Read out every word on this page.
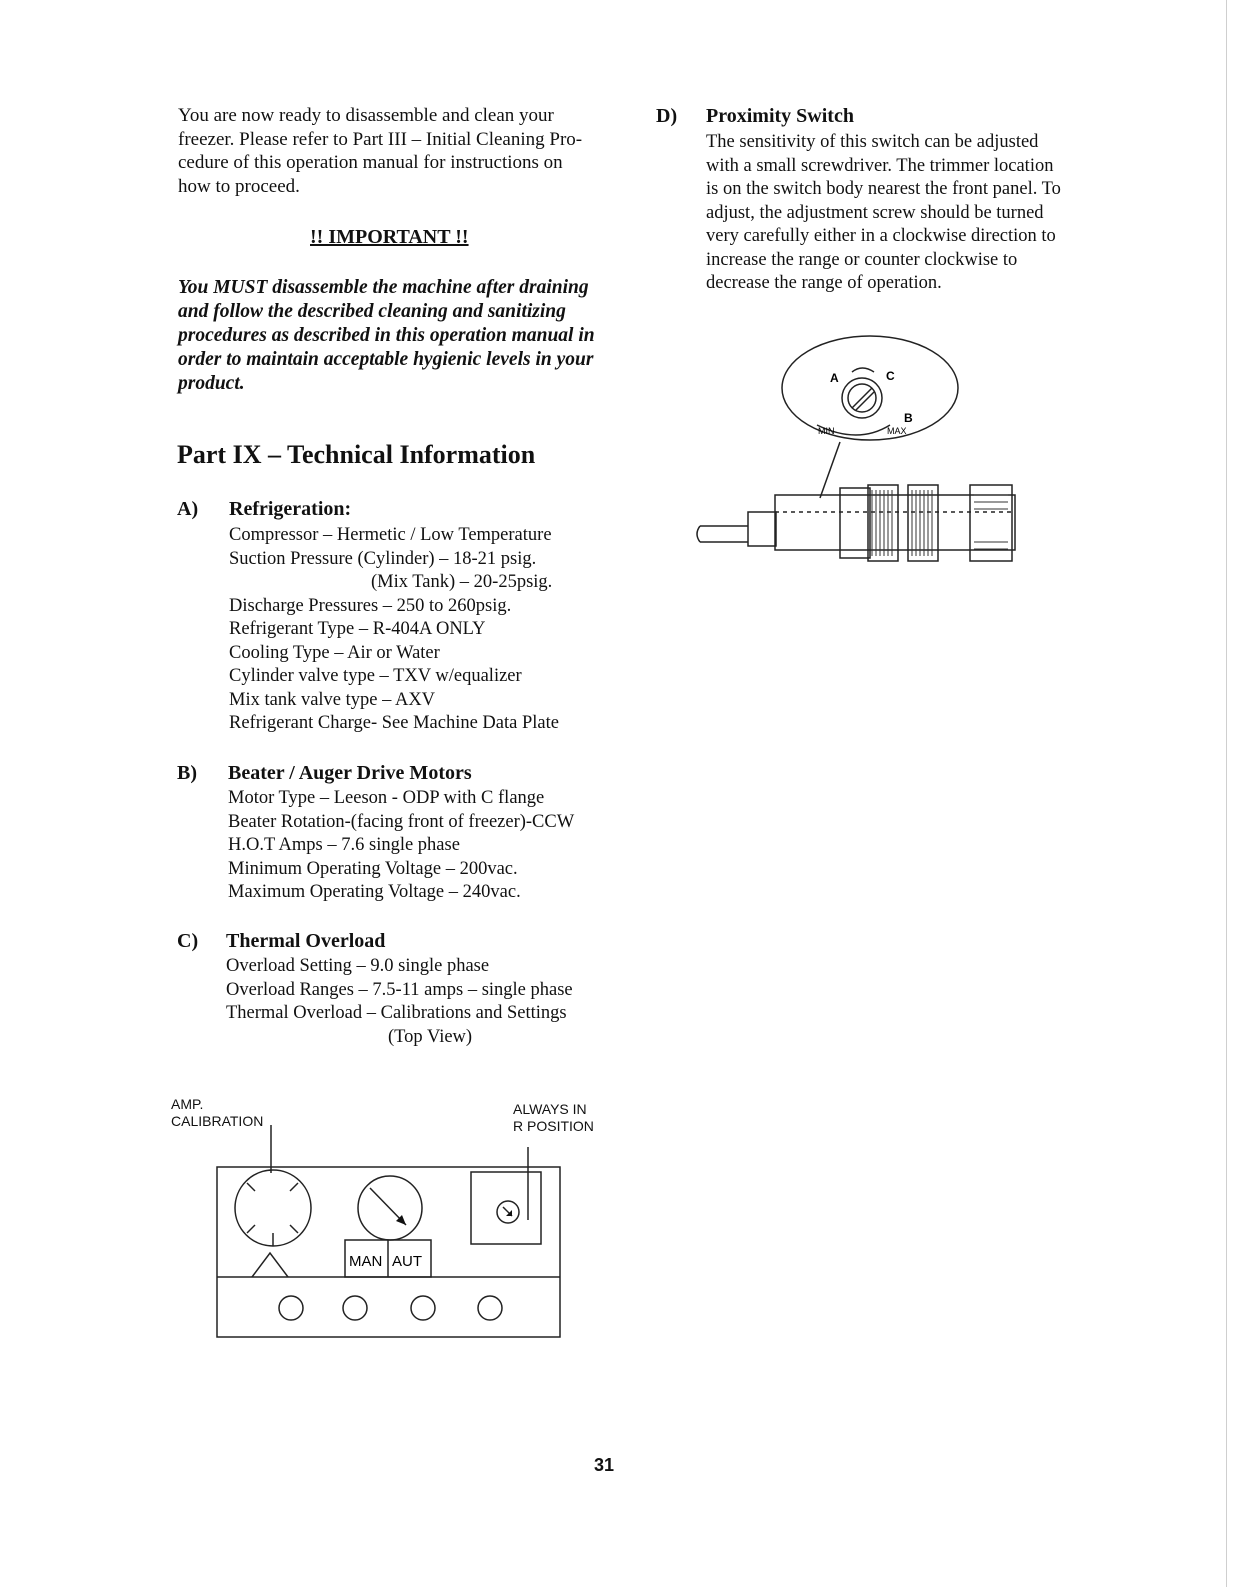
You are now ready to disassemble and clean your
freezer. Please refer to Part III – Initial Cleaning Pro-
cedure of this operation manual for instructions on
how to proceed.
!! IMPORTANT !!
You MUST disassemble the machine after draining
and follow the described cleaning and sanitizing
procedures as described in this operation manual in
order to maintain acceptable hygienic levels in your
product.
Part IX – Technical Information
A) Refrigeration:
Compressor – Hermetic / Low Temperature
Suction Pressure (Cylinder) – 18-21 psig.
(Mix Tank) – 20-25psig.
Discharge Pressures – 250 to 260psig.
Refrigerant Type – R-404A ONLY
Cooling Type – Air or Water
Cylinder valve type – TXV w/equalizer
Mix tank valve type – AXV
Refrigerant Charge- See Machine Data Plate
B) Beater / Auger Drive Motors
Motor Type – Leeson - ODP with C flange
Beater Rotation-(facing front of freezer)-CCW
H.O.T Amps – 7.6 single phase
Minimum Operating Voltage – 200vac.
Maximum Operating Voltage – 240vac.
C) Thermal Overload
Overload Setting – 9.0 single phase
Overload Ranges – 7.5-11 amps – single phase
Thermal Overload – Calibrations and Settings
(Top View)
D) Proximity Switch
The sensitivity of this switch can be adjusted
with a small screwdriver. The trimmer location
is on the switch body nearest the front panel. To
adjust, the adjustment screw should be turned
very carefully either in a clockwise direction to
increase the range or counter clockwise to
decrease the range of operation.
A	C
B
MIN	MAX
AMP.
CALIBRATION
ALWAYS IN
R POSITION
MAN AUT
31
